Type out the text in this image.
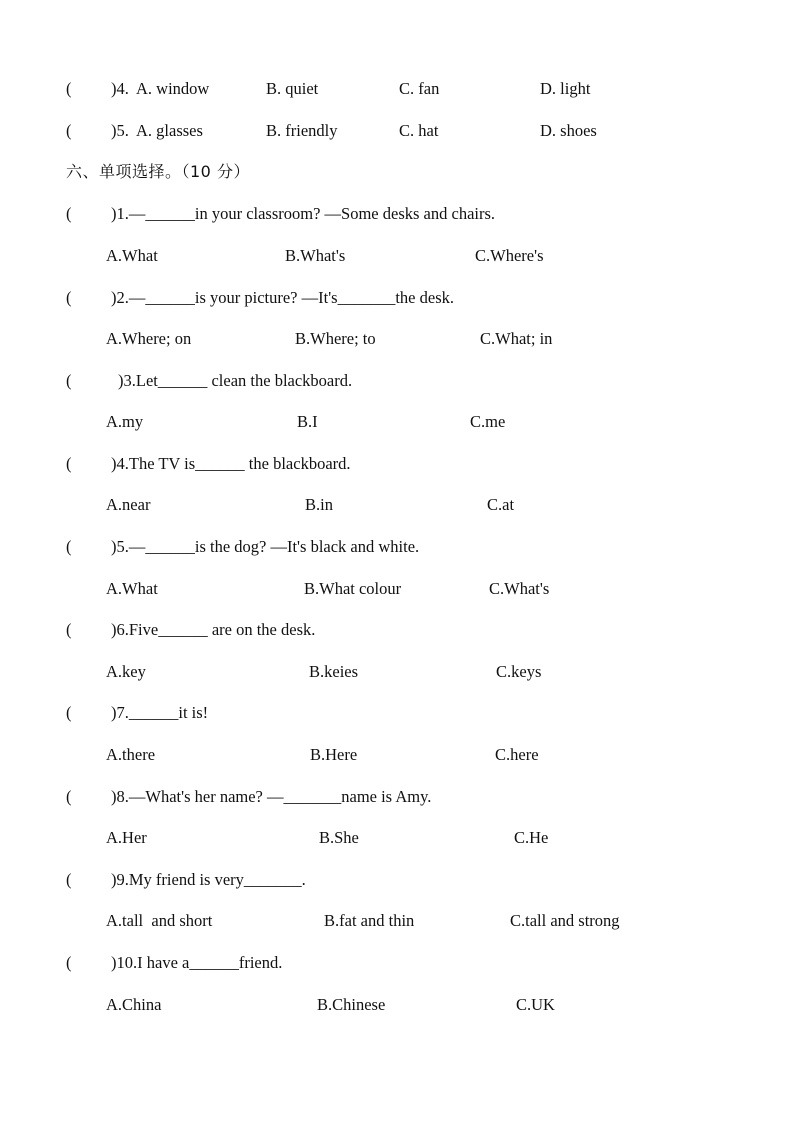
(

)4.

A. window

	B. quiet

	C. fan

	D. light

(

)5.

A. glasses

	B. friendly

	C. hat

	D. shoes

六、单项选择。（10 分）

(

)1.—______in your classroom? —Some desks and chairs.

A.What

	B.What's

	C.Where's

(

)2.—______is your picture? —It's_______the desk.

A.Where; on

	B.Where; to

	C.What; in

(

	)3.Let______ clean the blackboard.

A.my

	B.I

	C.me

(

)4.The TV is______ the blackboard.

A.near

	B.in

	C.at

(

)5.—______is the dog? —It's black and white.

A.What

	B.What colour

	C.What's

(

)6.Five______ are on the desk.

A.key

	B.keies

	C.keys

(

)7.______it is!

A.there

	B.Here

	C.here

(

)8.—What's her name? —_______name is Amy.

A.Her

	B.She

	C.He

(

)9.My friend is very_______.

A.tall  and short

	B.fat and thin

	C.tall and strong

(

)10.I have a______friend.

A.China

	B.Chinese

	C.UK
